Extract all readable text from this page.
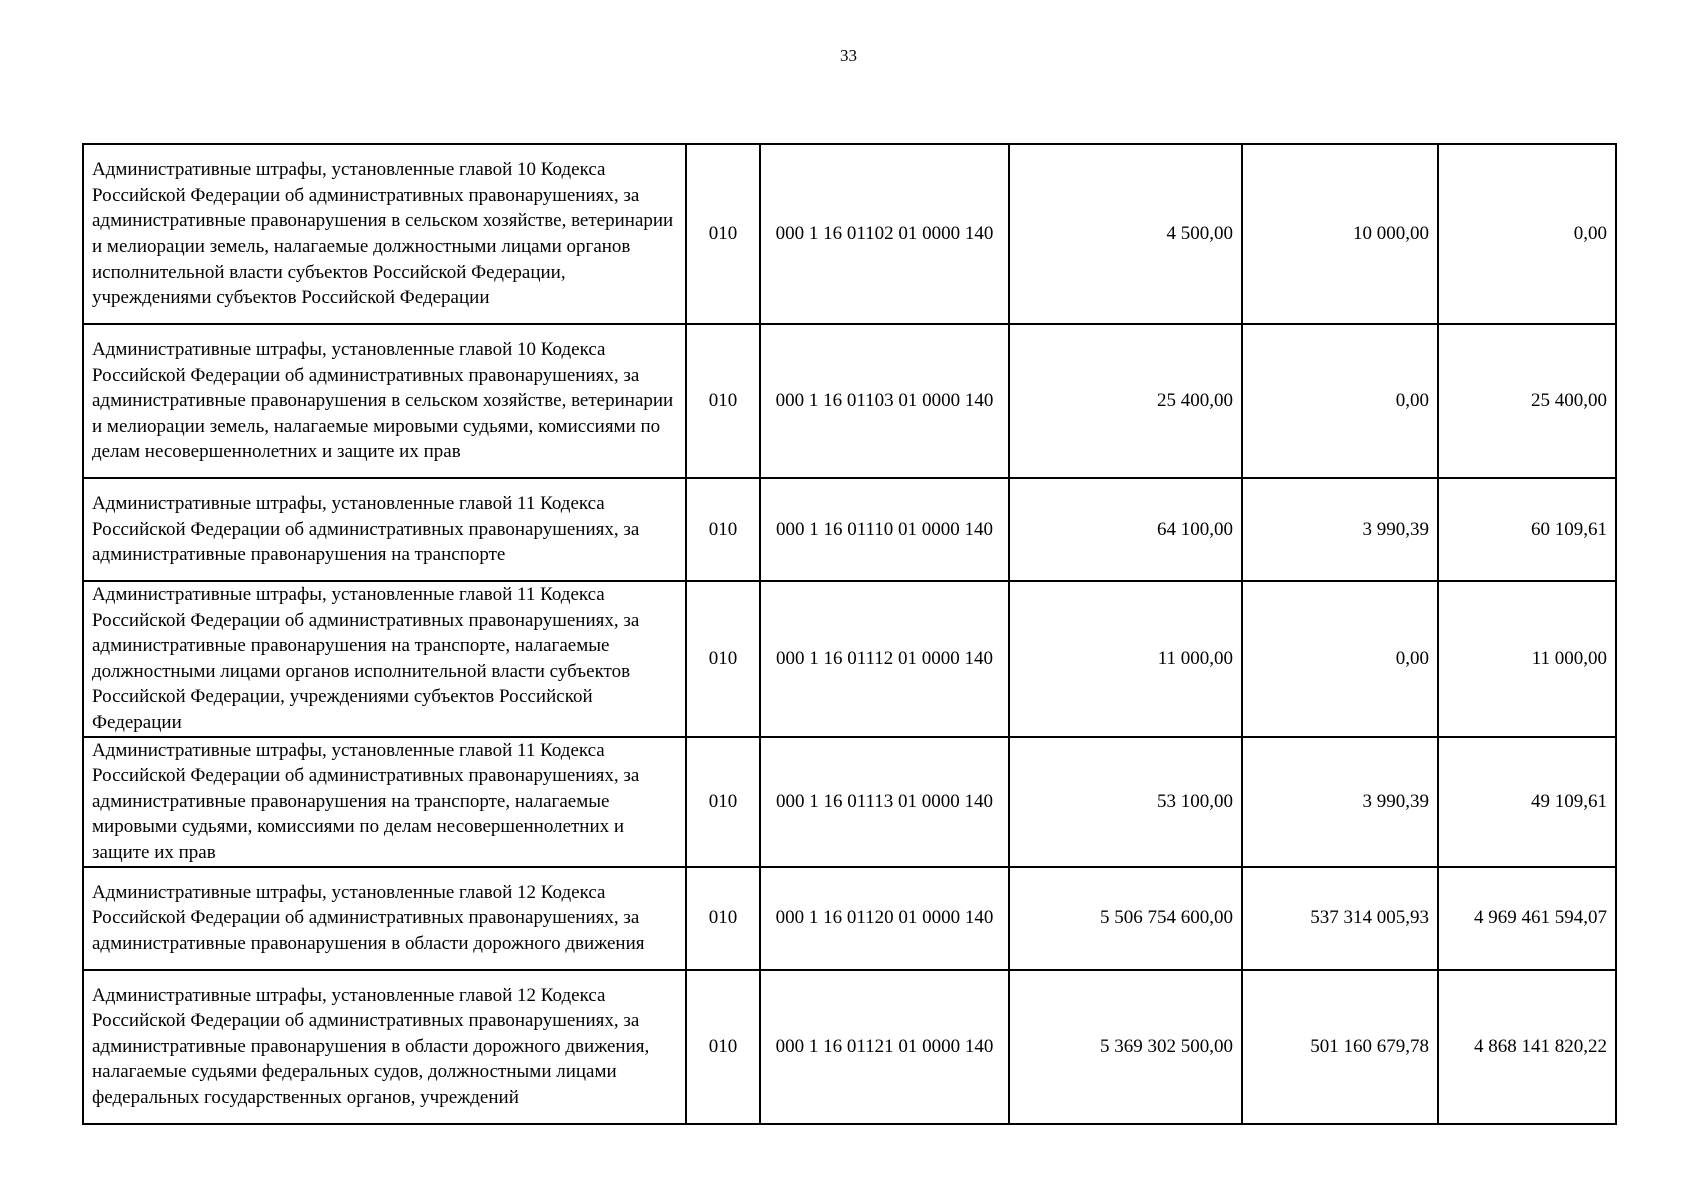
33
Административные штрафы, установленные главой 10 Кодекса Российской Федерации об административных правонарушениях, за административные правонарушения в сельском хозяйстве, ветеринарии и мелиорации земель, налагаемые должностными лицами органов исполнительной власти субъектов Российской Федерации, учреждениями субъектов Российской Федерации	010	000 1 16 01102 01 0000 140	4 500,00	10 000,00	0,00
Административные штрафы, установленные главой 10 Кодекса Российской Федерации об административных правонарушениях, за административные правонарушения в сельском хозяйстве, ветеринарии и мелиорации земель, налагаемые мировыми судьями, комиссиями по делам несовершеннолетних и защите их прав	010	000 1 16 01103 01 0000 140	25 400,00	0,00	25 400,00
Административные штрафы, установленные главой 11 Кодекса Российской Федерации об административных правонарушениях, за административные правонарушения на транспорте	010	000 1 16 01110 01 0000 140	64 100,00	3 990,39	60 109,61
Административные штрафы, установленные главой 11 Кодекса Российской Федерации об административных правонарушениях, за административные правонарушения на транспорте, налагаемые должностными лицами органов исполнительной власти субъектов Российской Федерации, учреждениями субъектов Российской Федерации	010	000 1 16 01112 01 0000 140	11 000,00	0,00	11 000,00
Административные штрафы, установленные главой 11 Кодекса Российской Федерации об административных правонарушениях, за административные правонарушения на транспорте, налагаемые мировыми судьями, комиссиями по делам несовершеннолетних и защите их прав	010	000 1 16 01113 01 0000 140	53 100,00	3 990,39	49 109,61
Административные штрафы, установленные главой 12 Кодекса Российской Федерации об административных правонарушениях, за административные правонарушения в области дорожного движения	010	000 1 16 01120 01 0000 140	5 506 754 600,00	537 314 005,93	4 969 461 594,07
Административные штрафы, установленные главой 12 Кодекса Российской Федерации об административных правонарушениях, за административные правонарушения в области дорожного движения, налагаемые судьями федеральных судов, должностными лицами федеральных государственных органов, учреждений	010	000 1 16 01121 01 0000 140	5 369 302 500,00	501 160 679,78	4 868 141 820,22
